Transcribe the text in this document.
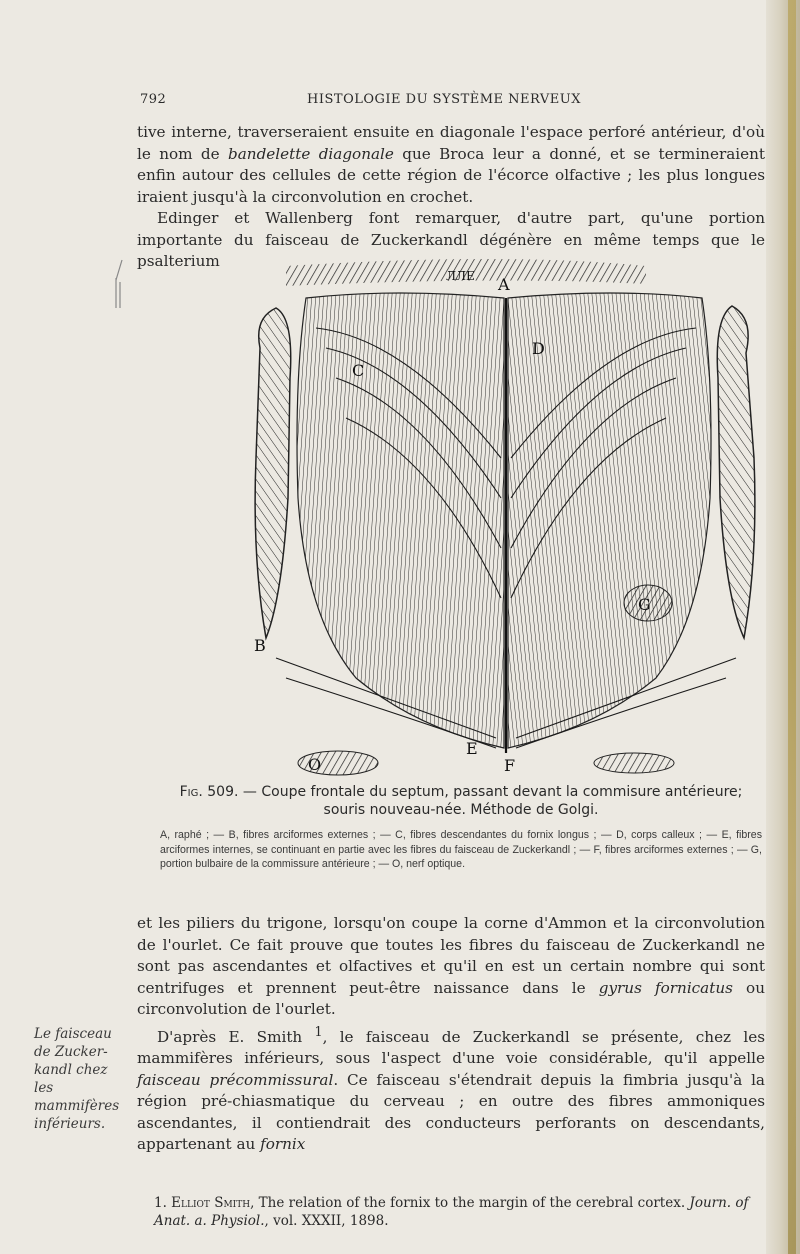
792	HISTOLOGIE DU SYSTÈME NERVEUX

tive interne, traverseraient ensuite en diagonale l'espace perforé antérieur, d'où le nom de bandelette diagonale que Broca leur a donné, et se termineraient enfin autour des cellules de cette région de l'écorce olfactive ; les plus longues iraient jusqu'à la circonvolution en crochet.

Edinger et Wallenberg font remarquer, d'autre part, qu'une portion importante du faisceau de Zuckerkandl dégénère en même temps que le psalterium

ЛЛЕ A
B
C
D
E
F
G
O
Fig. 509. — Coupe frontale du septum, passant devant la commisure antérieure; souris nouveau-née. Méthode de Golgi.
A, raphé ; — B, fibres arciformes externes ; — C, fibres descendantes du fornix longus ; — D, corps calleux ; — E, fibres arciformes internes, se continuant en partie avec les fibres du faisceau de Zuckerkandl ; — F, fibres arciformes externes ; — G, portion bulbaire de la commissure antérieure ; — O, nerf optique.

et les piliers du trigone, lorsqu'on coupe la corne d'Ammon et la circonvolution de l'ourlet. Ce fait prouve que toutes les fibres du faisceau de Zuckerkandl ne sont pas ascendantes et olfactives et qu'il en est un certain nombre qui sont centrifuges et prennent peut-être naissance dans le gyrus fornicatus ou circonvolution de l'ourlet.

D'après E. Smith $^1$, le faisceau de Zuckerkandl se présente, chez les mammifères inférieurs, sous l'aspect d'une voie considérable, qu'il appelle faisceau précommissural. Ce faisceau s'étendrait depuis la fimbria jusqu'à la région pré-chiasmatique du cerveau ; en outre des fibres ammoniques ascendantes, il contiendrait des conducteurs perforants on descendants, appartenant au fornix

Le faisceau
de Zucker-
kandl chez les
mammifères
inférieurs.

1. Elliot Smith, The relation of the fornix to the margin of the cerebral cortex. Journ. of Anat. a. Physiol., vol. XXXII, 1898.
